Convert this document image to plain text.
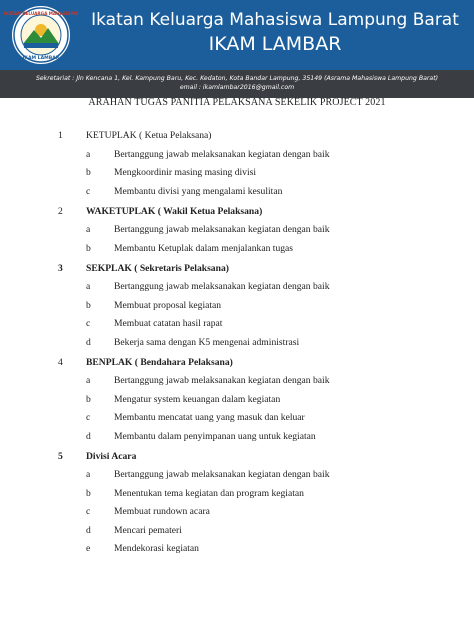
IKATAN KELUARGA MAHASISWA
IKAM LAMBAR
Ikatan Keluarga Mahasiswa Lampung Barat
IKAM LAMBAR
Sekretariat : Jln Kencana 1, Kel. Kampung Baru, Kec. Kedaton, Kota Bandar Lampung, 35149 (Asrama Mahasiswa Lampung Barat)
email : ikamlambar2016@gmail.com
ARAHAN TUGAS PANITIA PELAKSANA SEKELIK PROJECT 2021
1 KETUPLAK ( Ketua Pelaksana)
a Bertanggung jawab melaksanakan kegiatan dengan baik
b Mengkoordinir masing masing divisi
c Membantu divisi yang mengalami kesulitan
2 WAKETUPLAK ( Wakil Ketua Pelaksana)
a Bertanggung jawab melaksanakan kegiatan dengan baik
b Membantu Ketuplak dalam menjalankan tugas
3 SEKPLAK ( Sekretaris Pelaksana)
a Bertanggung jawab melaksanakan kegiatan dengan baik
b Membuat proposal kegiatan
c Membuat catatan hasil rapat
d Bekerja sama dengan K5 mengenai administrasi
4 BENPLAK ( Bendahara Pelaksana)
a Bertanggung jawab melaksanakan kegiatan dengan baik
b Mengatur system keuangan dalam kegiatan
c Membantu mencatat uang yang masuk dan keluar
d Membantu dalam penyimpanan uang untuk kegiatan
5 Divisi Acara
a Bertanggung jawab melaksanakan kegiatan dengan baik
b Menentukan tema kegiatan dan program kegiatan
c Membuat rundown acara
d Mencari pemateri
e Mendekorasi kegiatan
